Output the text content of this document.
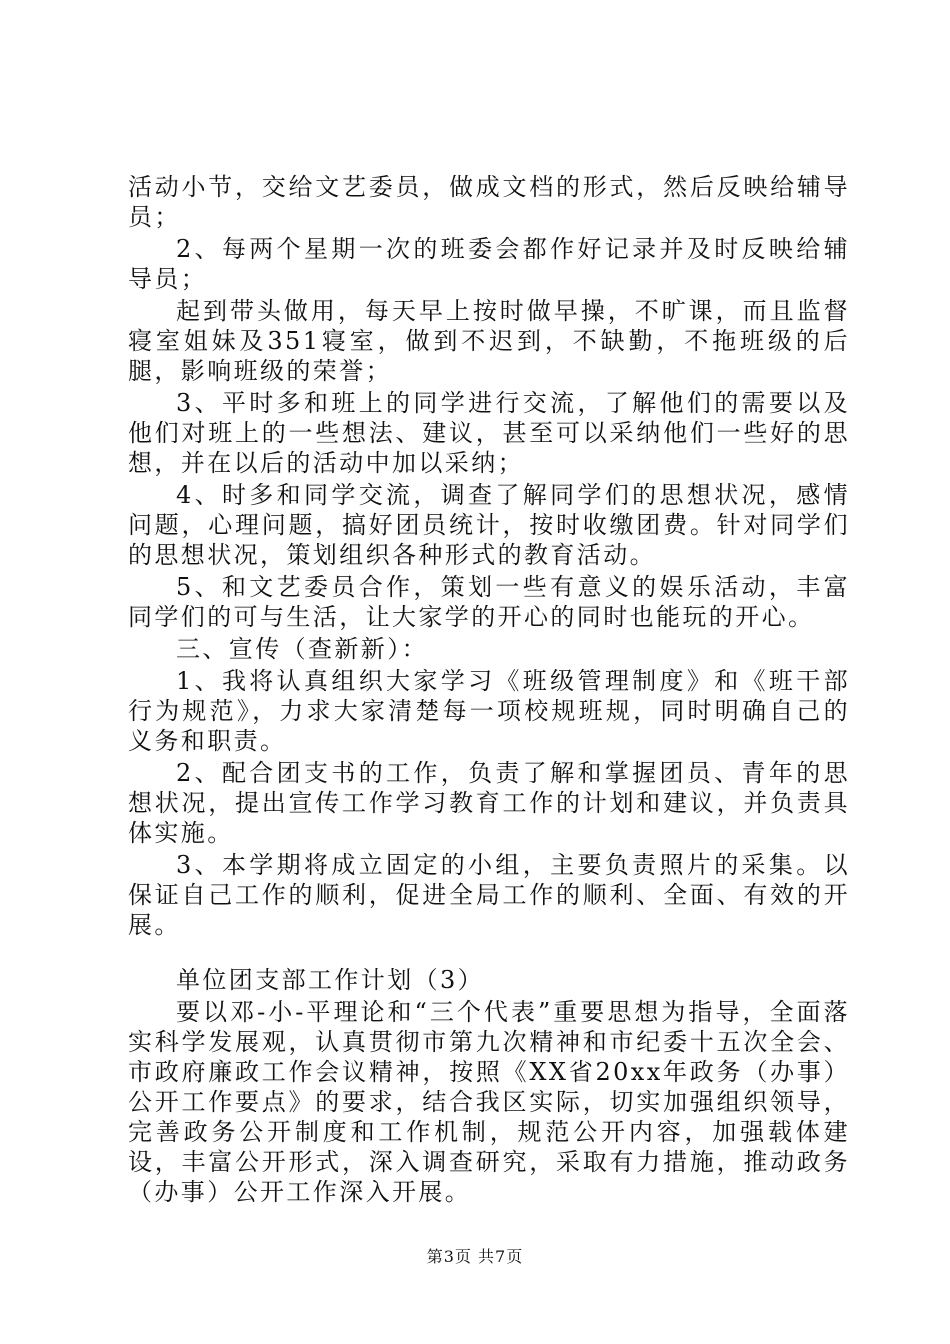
活动小节，交给文艺委员，做成文档的形式，然后反映给辅导员；

2、每两个星期一次的班委会都作好记录并及时反映给辅导员；

起到带头做用，每天早上按时做早操，不旷课，而且监督寝室姐妹及351寝室，做到不迟到，不缺勤，不拖班级的后腿，影响班级的荣誉；

3、平时多和班上的同学进行交流，了解他们的需要以及他们对班上的一些想法、建议，甚至可以采纳他们一些好的思想，并在以后的活动中加以采纳；

4、时多和同学交流，调查了解同学们的思想状况，感情问题，心理问题，搞好团员统计，按时收缴团费。针对同学们的思想状况，策划组织各种形式的教育活动。

5、和文艺委员合作，策划一些有意义的娱乐活动，丰富同学们的可与生活，让大家学的开心的同时也能玩的开心。

三、宣传（查新新）：

1、我将认真组织大家学习《班级管理制度》和《班干部行为规范》，力求大家清楚每一项校规班规，同时明确自己的义务和职责。

2、配合团支书的工作，负责了解和掌握团员、青年的思想状况，提出宣传工作学习教育工作的计划和建议，并负责具体实施。

3、本学期将成立固定的小组，主要负责照片的采集。以保证自己工作的顺利，促进全局工作的顺利、全面、有效的开展。

单位团支部工作计划（3）

要以邓-小-平理论和“三个代表”重要思想为指导，全面落实科学发展观，认真贯彻市第九次精神和市纪委十五次全会、市政府廉政工作会议精神，按照《XX省20xx年政务（办事）公开工作要点》的要求，结合我区实际，切实加强组织领导，完善政务公开制度和工作机制，规范公开内容，加强载体建设，丰富公开形式，深入调查研究，采取有力措施，推动政务（办事）公开工作深入开展。

第3页 共7页
